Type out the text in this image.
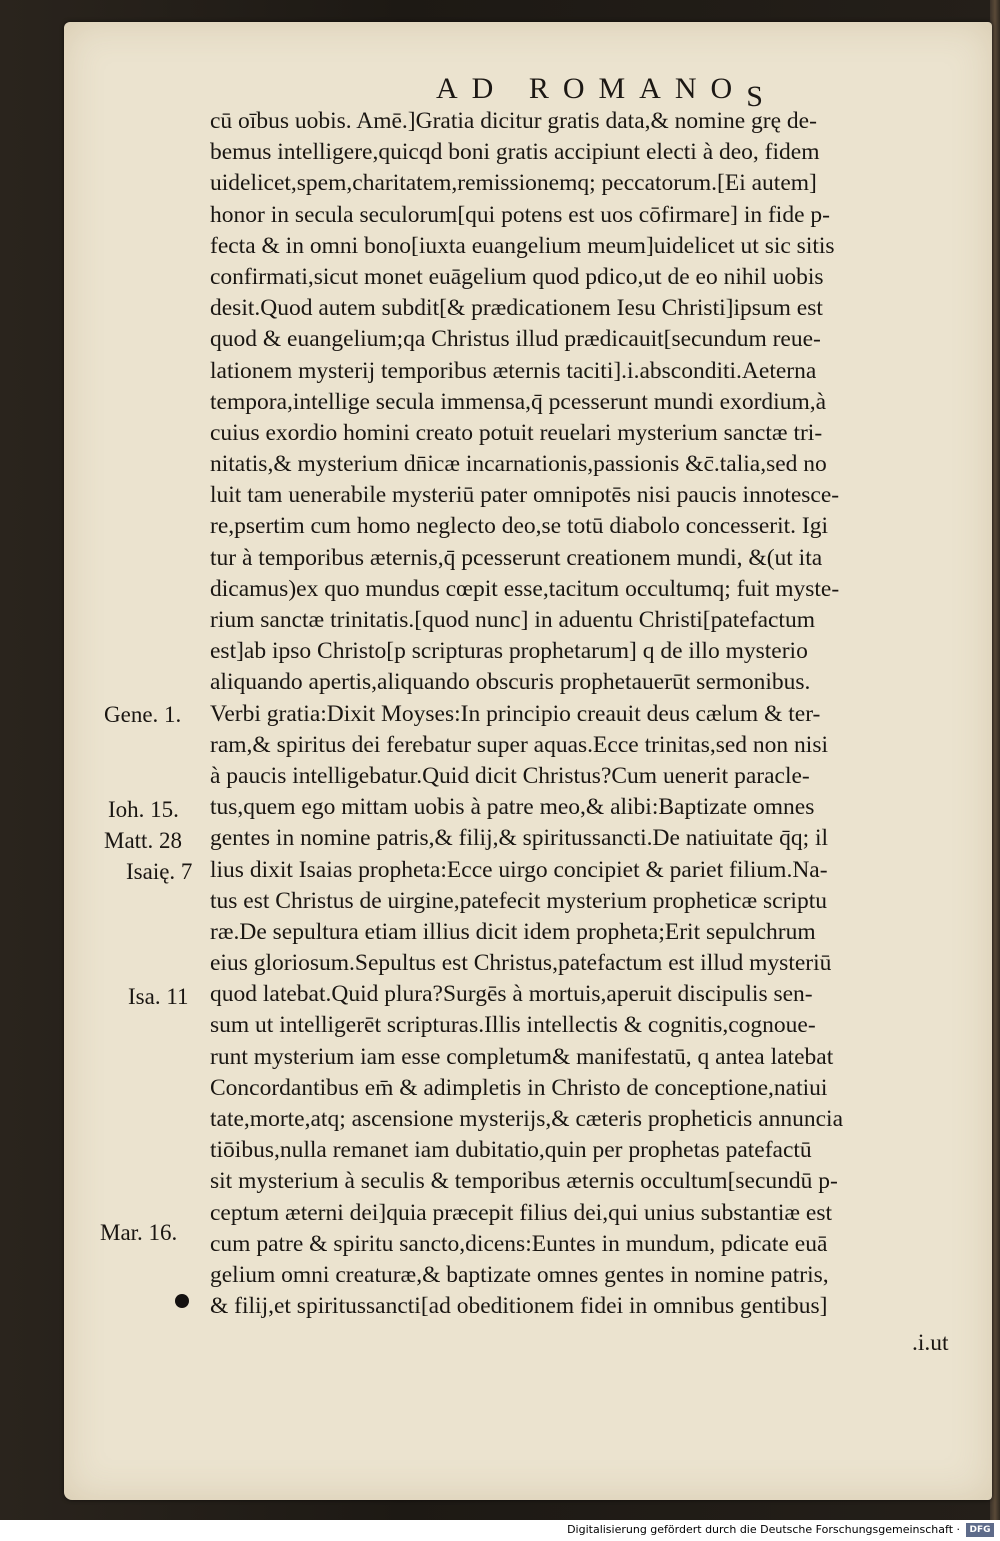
AD ROMANOS
cū oībus uobis. Amē.]Gratia dicitur gratis data,& nomine grę de-
bemus intelligere,quicqd boni gratis accipiunt electi à deo, fidem
uidelicet,spem,charitatem,remissionemq; peccatorum.[Ei autem]
honor in secula seculorum[qui potens est uos cōfirmare] in fide p-
fecta & in omni bono[iuxta euangelium meum]uidelicet ut sic sitis
confirmati,sicut monet euāgelium quod pdico,ut de eo nihil uobis
desit.Quod autem subdit[& prædicationem Iesu Christi]ipsum est
quod & euangelium;qa Christus illud prædicauit[secundum reue-
lationem mysterij temporibus æternis taciti].i.absconditi.Aeterna
tempora,intellige secula immensa,q̄ pcesserunt mundi exordium,à
cuius exordio homini creato potuit reuelari mysterium sanctæ tri-
nitatis,& mysterium dn̄icæ incarnationis,passionis &c̄.talia,sed no
luit tam uenerabile mysteriū pater omnipotēs nisi paucis innotesce-
re,psertim cum homo neglecto deo,se totū diabolo concesserit. Igi
tur à temporibus æternis,q̄ pcesserunt creationem mundi, &(ut ita
dicamus)ex quo mundus cœpit esse,tacitum occultumq; fuit myste-
rium sanctæ trinitatis.[quod nunc] in aduentu Christi[patefactum
est]ab ipso Christo[p scripturas prophetarum] q de illo mysterio
aliquando apertis,aliquando obscuris prophetauerūt sermonibus.
Verbi gratia:Dixit Moyses:In principio creauit deus cælum & ter-
ram,& spiritus dei ferebatur super aquas.Ecce trinitas,sed non nisi
à paucis intelligebatur.Quid dicit Christus?Cum uenerit paracle-
tus,quem ego mittam uobis à patre meo,& alibi:Baptizate omnes
gentes in nomine patris,& filij,& spiritussancti.De natiuitate q̄q; il
lius dixit Isaias propheta:Ecce uirgo concipiet & pariet filium.Na-
tus est Christus de uirgine,patefecit mysterium propheticæ scriptu
ræ.De sepultura etiam illius dicit idem propheta;Erit sepulchrum
eius gloriosum.Sepultus est Christus,patefactum est illud mysteriū
quod latebat.Quid plura?Surgēs à mortuis,aperuit discipulis sen-
sum ut intelligerēt scripturas.Illis intellectis & cognitis,cognoue-
runt mysterium iam esse completum& manifestatū, q antea latebat
Concordantibus em̄ & adimpletis in Christo de conceptione,natiui
tate,morte,atq; ascensione mysterijs,& cæteris propheticis annuncia
tiōibus,nulla remanet iam dubitatio,quin per prophetas patefactū
sit mysterium à seculis & temporibus æternis occultum[secundū p-
ceptum æterni dei]quia præcepit filius dei,qui unius substantiæ est
cum patre & spiritu sancto,dicens:Euntes in mundum, pdicate euā
gelium omni creaturæ,& baptizate omnes gentes in nomine patris,
& filij,et spiritussancti[ad obeditionem fidei in omnibus gentibus]
.i.ut
Gene. 1.
Ioh. 15.
Matt. 28
Isaię. 7
Isa. 11
Mar. 16.
Digitalisierung gefördert durch die Deutsche Forschungsgemeinschaft ·	DFG
